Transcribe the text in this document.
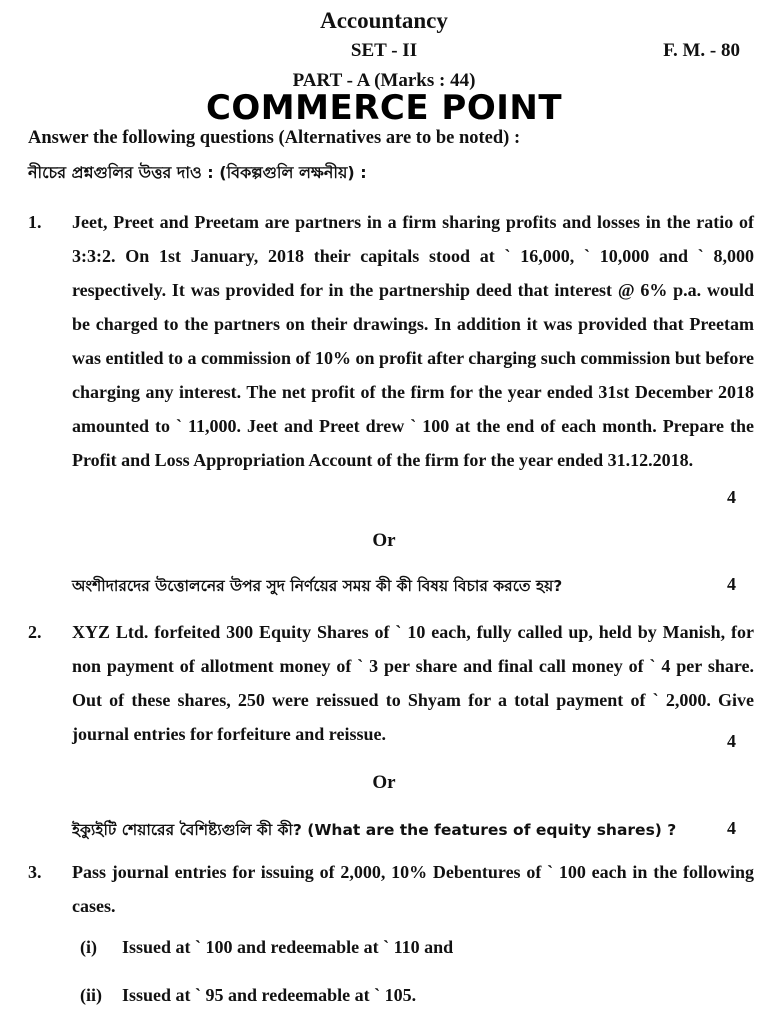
Accountancy
SET - II	F. M. - 80
PART - A (Marks : 44)
COMMERCE POINT
Answer the following questions (Alternatives are to be noted) :
নীচের প্রশ্নগুলির উত্তর দাও : (বিকল্পগুলি লক্ষনীয়) :
1. Jeet, Preet and Preetam are partners in a firm sharing profits and losses in the ratio of 3:3:2. On 1st January, 2018 their capitals stood at ` 16,000, ` 10,000 and ` 8,000 respectively. It was provided for in the partnership deed that interest @ 6% p.a. would be charged to the partners on their drawings. In addition it was provided that Preetam was entitled to a commission of 10% on profit after charging such commission but before charging any interest. The net profit of the firm for the year ended 31st December 2018 amounted to ` 11,000. Jeet and Preet drew ` 100 at the end of each month. Prepare the Profit and Loss Appropriation Account of the firm for the year ended 31.12.2018.
4
Or
অংশীদারদের উত্তোলনের উপর সুদ নির্ণয়ের সময় কী কী বিষয় বিচার করতে হয়?	4
2. XYZ Ltd. forfeited 300 Equity Shares of ` 10 each, fully called up, held by Manish, for non payment of allotment money of ` 3 per share and final call money of ` 4 per share. Out of these shares, 250 were reissued to Shyam for a total payment of ` 2,000. Give journal entries for forfeiture and reissue.	4
Or
ইক্যুইটি শেয়ারের বৈশিষ্ট্যগুলি কী কী? (What are the features of equity shares) ?	4
3. Pass journal entries for issuing of 2,000, 10% Debentures of ` 100 each in the following cases.
(i) Issued at ` 100 and redeemable at ` 110 and
(ii) Issued at ` 95 and redeemable at ` 105.
